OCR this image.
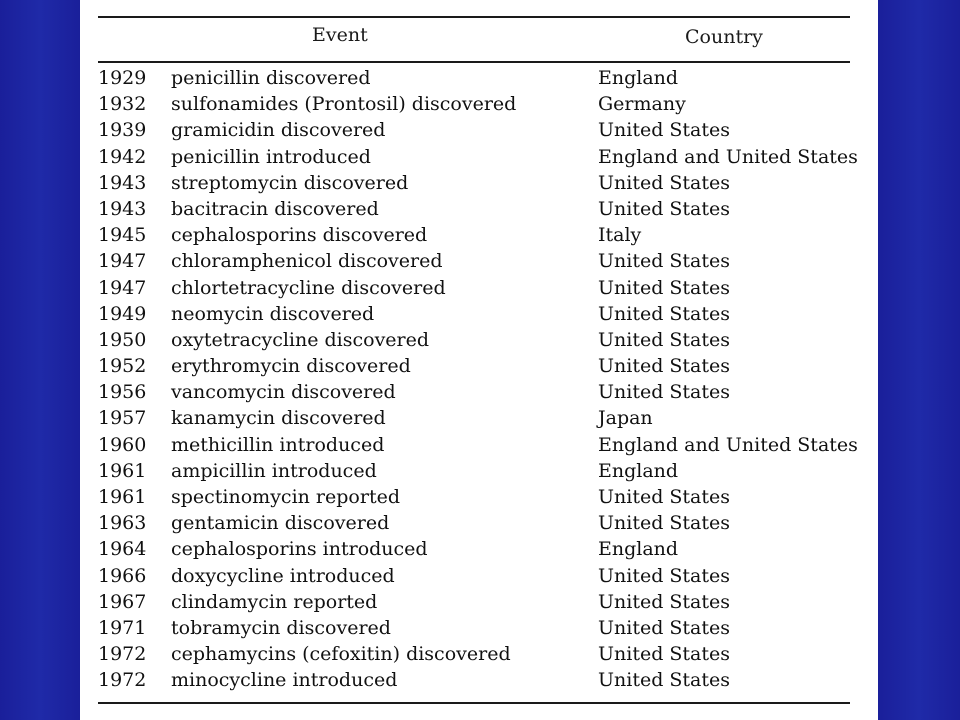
Event	Country
1929 penicillin discovered	England
1932 sulfonamides (Prontosil) discovered	Germany
1939 gramicidin discovered	United States
1942 penicillin introduced	England and United States
1943 streptomycin discovered	United States
1943 bacitracin discovered	United States
1945 cephalosporins discovered	Italy
1947 chloramphenicol discovered	United States
1947 chlortetracycline discovered	United States
1949 neomycin discovered	United States
1950 oxytetracycline discovered	United States
1952 erythromycin discovered	United States
1956 vancomycin discovered	United States
1957 kanamycin discovered	Japan
1960 methicillin introduced	England and United States
1961 ampicillin introduced	England
1961 spectinomycin reported	United States
1963 gentamicin discovered	United States
1964 cephalosporins introduced	England
1966 doxycycline introduced	United States
1967 clindamycin reported	United States
1971 tobramycin discovered	United States
1972 cephamycins (cefoxitin) discovered	United States
1972 minocycline introduced	United States
